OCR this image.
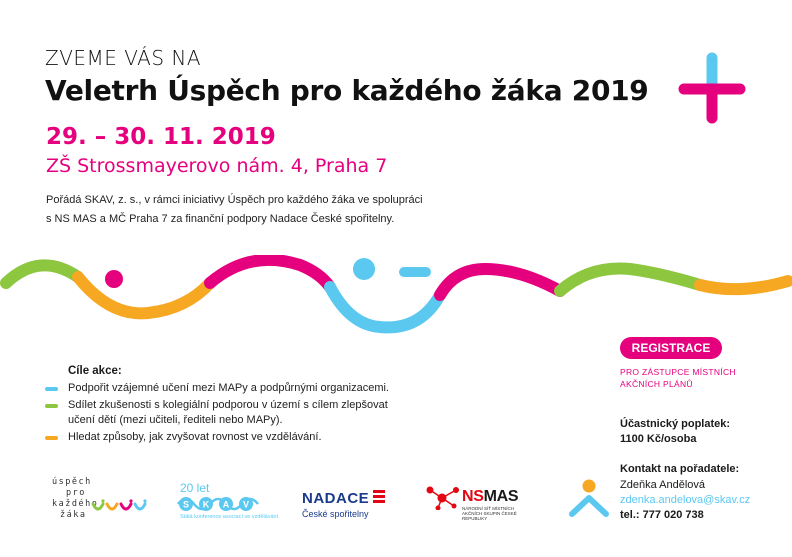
ZVEME VÁS NA
Veletrh Úspěch pro každého žáka 2019
29. – 30. 11. 2019
ZŠ Strossmayerovo nám. 4, Praha 7
Pořádá SKAV, z. s., v rámci iniciativy Úspěch pro každého žáka ve spolupráci
s NS MAS a MČ Praha 7 za finanční podpory Nadace České spořitelny.
Cíle akce:
Podpořit vzájemné učení mezi MAPy a podpůrnými organizacemi.
Sdílet zkušenosti s kolegiální podporou v území s cílem zlepšovat učení dětí (mezi učiteli, řediteli nebo MAPy).
Hledat způsoby, jak zvyšovat rovnost ve vzdělávání.
REGISTRACE
PRO ZÁSTUPCE MÍSTNÍCH AKČNÍCH PLÁNŮ
Účastnický poplatek:
1100 Kč/osoba
Kontakt na pořadatele:
Zdeňka Andělová
zdenka.andelova@skav.cz
tel.: 777 020 738
úspěch
pro
každého
žáka
20 let
S K A V
Stálá konference asociací ve vzdělávání
NADACE
České spořitelny
NSMAS
NÁRODNÍ SÍŤ MÍSTNÍCH AKČNÍCH SKUPIN ČESKÉ REPUBLIKY
